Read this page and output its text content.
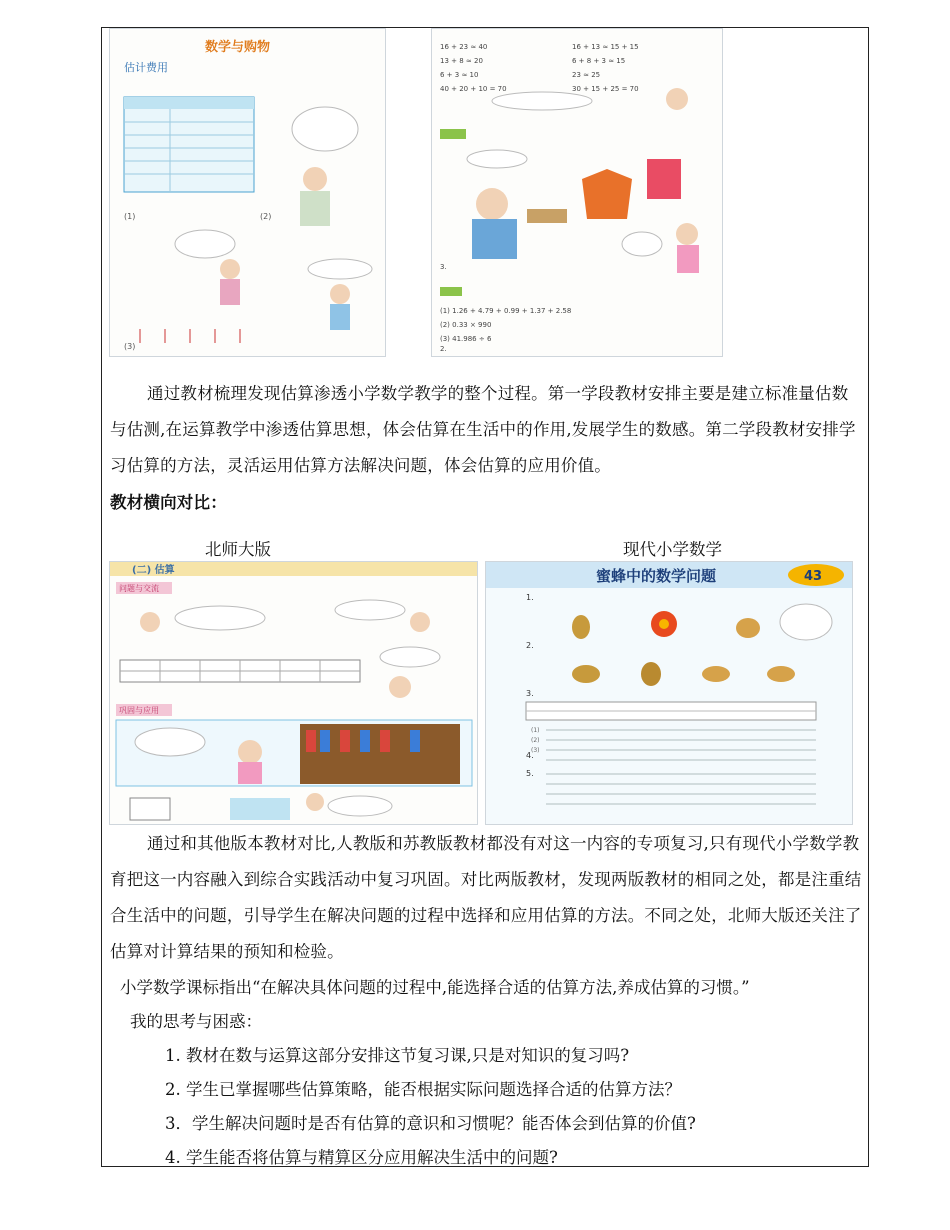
数学与购物
估计费用
(1)	(2)
(3)
16 + 23 ≈ 40	16 + 13 ≈ 15 + 15
13 + 8 ≈ 20	6 + 8 + 3 ≈ 15
6 + 3 ≈ 10	23 ≈ 25
40 + 20 + 10 = 70	30 + 15 + 25 = 70
3.
(1) 1.26 + 4.79 + 0.99 + 1.37 + 2.58
(2) 0.33 × 990
(3) 41.986 ÷ 6
2.

通过教材梳理发现估算渗透小学数学教学的整个过程。第一学段教材安排主要是建立标准量估数与估测,在运算教学中渗透估算思想，体会估算在生活中的作用,发展学生的数感。第二学段教材安排学习估算的方法，灵活运用估算方法解决问题，体会估算的应用价值。

教材横向对比：

北师大版	现代小学数学
(二) 估算
问题与交流
巩固与应用
蜜蜂中的数学问题	43
1.
2.
3.
4.
5.
(1)
(2)
(3)

通过和其他版本教材对比,人教版和苏教版教材都没有对这一内容的专项复习,只有现代小学数学教育把这一内容融入到综合实践活动中复习巩固。对比两版教材，发现两版教材的相同之处，都是注重结合生活中的问题，引导学生在解决问题的过程中选择和应用估算的方法。不同之处，北师大版还关注了估算对计算结果的预知和检验。

小学数学课标指出“在解决具体问题的过程中,能选择合适的估算方法,养成估算的习惯。”

我的思考与困惑：
1. 教材在数与运算这部分安排这节复习课,只是对知识的复习吗?
2. 学生已掌握哪些估算策略，能否根据实际问题选择合适的估算方法？
3．学生解决问题时是否有估算的意识和习惯呢？能否体会到估算的价值?
4. 学生能否将估算与精算区分应用解决生活中的问题?
